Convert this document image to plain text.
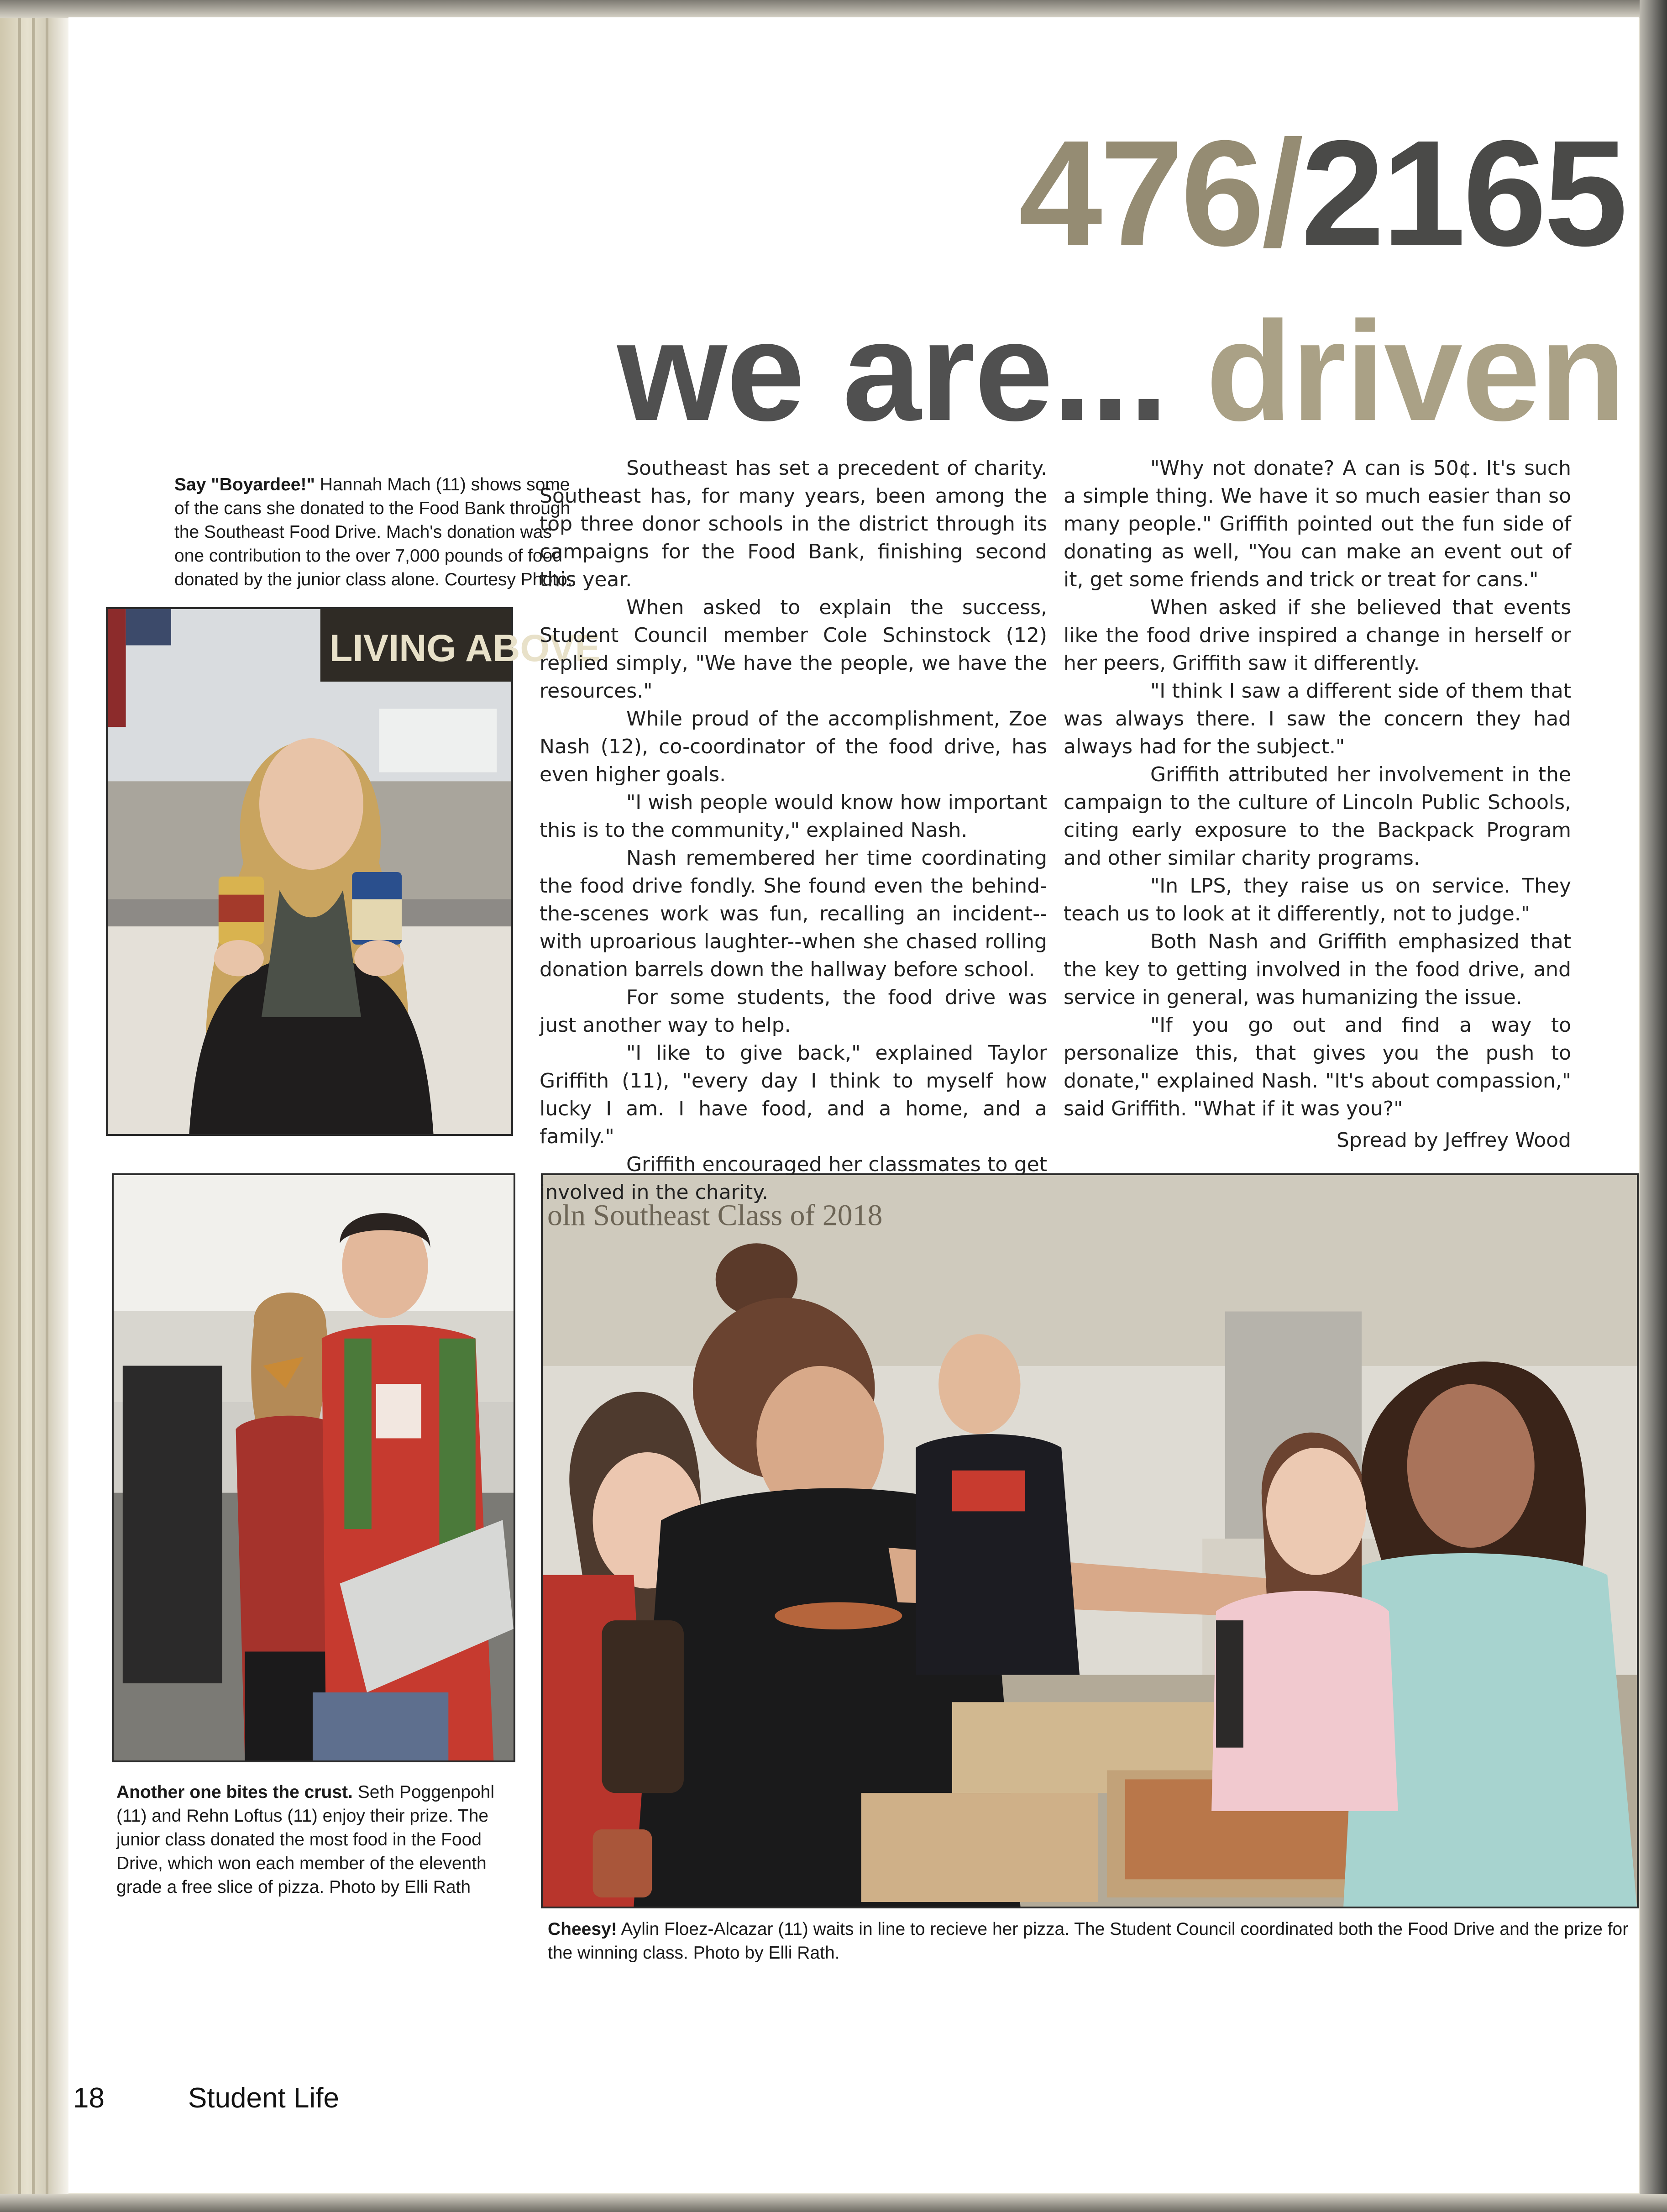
476/2165
we are... driven

Say "Boyardee!" Hannah Mach (11) shows some of the cans she donated to the Food Bank through the Southeast Food Drive. Mach's donation was one contribution to the over 7,000 pounds of food donated by the junior class alone. Courtesy Photo.

LIVING ABOVE
oln Southeast Class of 2018

Another one bites the crust. Seth Poggenpohl (11) and Rehn Loftus (11) enjoy their prize. The junior class donated the most food in the Food Drive, which won each member of the eleventh grade a free slice of pizza. Photo by Elli Rath

Cheesy! Aylin Floez-Alcazar (11) waits in line to recieve her pizza. The Student Council coordinated both the Food Drive and the prize for the winning class. Photo by Elli Rath.

Southeast has set a precedent of charity. Southeast has, for many years, been among the top three donor schools in the district through its campaigns for the Food Bank, finishing second this year.

When asked to explain the success, Student Council member Cole Schinstock (12) replied simply, "We have the people, we have the resources."

While proud of the accomplishment, Zoe Nash (12), co-coordinator of the food drive, has even higher goals.

"I wish people would know how important this is to the community," explained Nash.

Nash remembered her time coordinating the food drive fondly. She found even the behind-the-scenes work was fun, recalling an incident--with uproarious laughter--when she chased rolling donation barrels down the hallway before school.

For some students, the food drive was just another way to help.

"I like to give back," explained Taylor Griffith (11), "every day I think to myself how lucky I am. I have food, and a home, and a family."

Griffith encouraged her classmates to get involved in the charity.

"Why not donate? A can is 50¢. It's such a simple thing. We have it so much easier than so many people." Griffith pointed out the fun side of donating as well, "You can make an event out of it, get some friends and trick or treat for cans."

When asked if she believed that events like the food drive inspired a change in herself or her peers, Griffith saw it differently.

"I think I saw a different side of them that was always there. I saw the concern they had always had for the subject."

Griffith attributed her involvement in the campaign to the culture of Lincoln Public Schools, citing early exposure to the Backpack Program and other similar charity programs.

"In LPS, they raise us on service. They teach us to look at it differently, not to judge."

Both Nash and Griffith emphasized that the key to getting involved in the food drive, and service in general, was humanizing the issue.

"If you go out and find a way to personalize this, that gives you the push to donate," explained Nash. "It's about compassion," said Griffith. "What if it was you?"

Spread by Jeffrey Wood

18	Student Life
